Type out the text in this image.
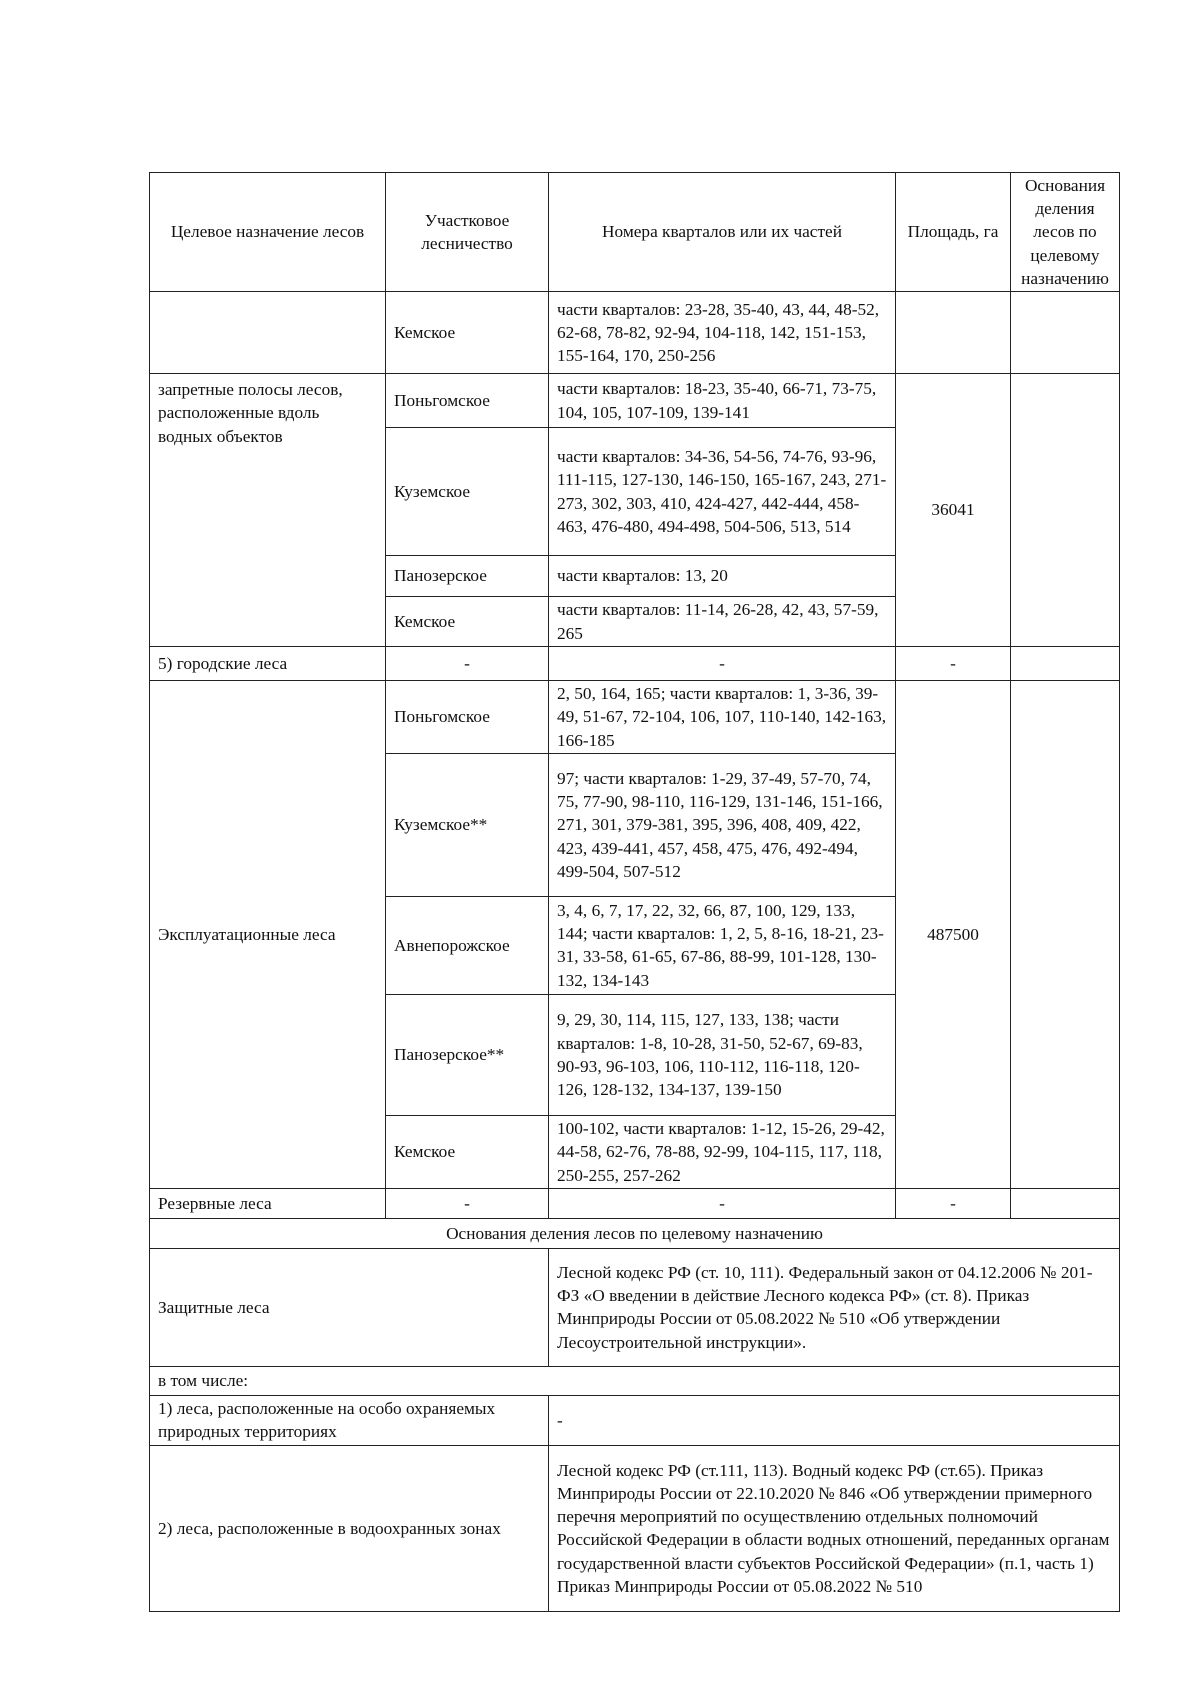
Целевое назначение лесов	Участковое лесничество	Номера кварталов или их частей	Площадь, га	Основания деления лесов по целевому назначению
	Кемское	части кварталов: 23-28, 35-40, 43, 44, 48-52, 62-68, 78-82, 92-94, 104-118, 142, 151-153, 155-164, 170, 250-256		
запретные полосы лесов, расположенные вдоль водных объектов	Поньгомское	части кварталов: 18-23, 35-40, 66-71, 73-75, 104, 105, 107-109, 139-141	36041	
	Куземское	части кварталов: 34-36, 54-56, 74-76, 93-96, 111-115, 127-130, 146-150, 165-167, 243, 271-273, 302, 303, 410, 424-427, 442-444, 458-463, 476-480, 494-498, 504-506, 513, 514		
	Панозерское	части кварталов: 13, 20		
	Кемское	части кварталов: 11-14, 26-28, 42, 43, 57-59, 265		
5) городские леса	-	-	-	
Эксплуатационные леса	Поньгомское	2, 50, 164, 165; части кварталов: 1, 3-36, 39-49, 51-67, 72-104, 106, 107, 110-140, 142-163, 166-185	487500	
	Куземское**	97; части кварталов: 1-29, 37-49, 57-70, 74, 75, 77-90, 98-110, 116-129, 131-146, 151-166, 271, 301, 379-381, 395, 396, 408, 409, 422, 423, 439-441, 457, 458, 475, 476, 492-494, 499-504, 507-512		
	Авнепорожское	3, 4, 6, 7, 17, 22, 32, 66, 87, 100, 129, 133, 144; части кварталов: 1, 2, 5, 8-16, 18-21, 23-31, 33-58, 61-65, 67-86, 88-99, 101-128, 130-132, 134-143		
	Панозерское**	9, 29, 30, 114, 115, 127, 133, 138; части кварталов: 1-8, 10-28, 31-50, 52-67, 69-83, 90-93, 96-103, 106, 110-112, 116-118, 120-126, 128-132, 134-137, 139-150		
	Кемское	100-102, части кварталов: 1-12, 15-26, 29-42, 44-58, 62-76, 78-88, 92-99, 104-115, 117, 118, 250-255, 257-262		
Резервные леса	-	-	-	
Основания деления лесов по целевому назначению				
Защитные леса		Лесной кодекс РФ (ст. 10, 111). Федеральный закон от 04.12.2006 № 201-ФЗ «О введении в действие Лесного кодекса РФ» (ст. 8). Приказ Минприроды России от 05.08.2022 № 510 «Об утверждении Лесоустроительной инструкции».		
в том числе:				
1) леса, расположенные на особо охраняемых природных территориях		-		
2) леса, расположенные в водоохранных зонах		Лесной кодекс РФ (ст.111, 113). Водный кодекс РФ (ст.65). Приказ Минприроды России от 22.10.2020 № 846 «Об утверждении примерного перечня мероприятий по осуществлению отдельных полномочий Российской Федерации в области водных отношений, переданных органам государственной власти субъектов Российской Федерации» (п.1, часть 1) Приказ Минприроды России от 05.08.2022 № 510		
